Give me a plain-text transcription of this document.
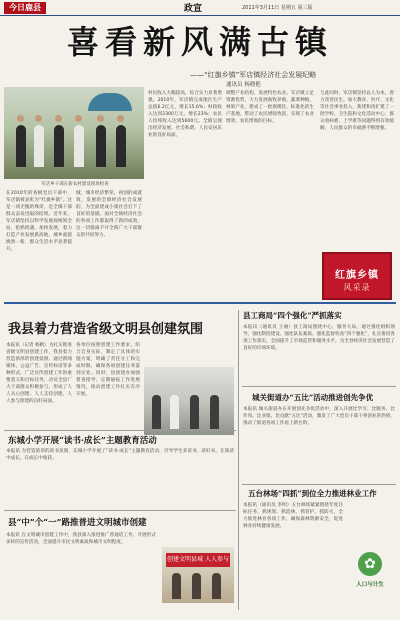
今日鹿县	政宣	2011年3月11日 星期五 第三版
喜看新风满古镇
——“红旗乡镇”军店镇经济社会发展纪略
通讯员 杨晓艳
军店乡干部在新农村建设现场检查
在2010年的各级党员干部中，军店镇被表彰为“红旗乡镇”。这是一项无愧的殊荣，是全镇干部群众奋发进取的结果。近年来，军店镇坚持以科学发展观统领全局，抢抓机遇，加快发展，着力打造产业发展新高地，城乡面貌焕然一新，群众生活水平显著提升。
城，城市经济繁荣，初创的成就效，发展的全镇经济社会发展的，为全面建成小康社会打下了良好的基础。面对全镇经济社会的各项工作都取得了新的成效，这一切都离不开全镇广大干部群众的共同努力。
村民收入大幅提高，综合实力显著增强。2010年，军店镇完成地区生产总值6.2亿元，增长15.6%；财政收入达到2300万元，增长23%；农民人均纯收入达到5600元。全镇呈现出经济发展、社会和谐、人民安居乐业的良好局面。
调整产业结构，发展特色农业。军店镇立足资源优势，大力发展畜牧养殖、蔬菜种植、林果产业，建成了一批规模化、标准化的生产基地，带动了农民增收致富，实现了农业增效、农民增收的目标。
与此同时，军店镇坚持以人为本，着力改善民生。加大教育、医疗、文化等社会事业投入，新建和改扩建了一批学校、卫生院和文化活动中心，群众看病难、上学难等问题得到有效缓解，人民群众的幸福感不断增强。
红旗乡镇
风采录
我县着力营造省级文明县创建氛围
本报讯（记者 杨帆）为扎实推进省级文明县创建工作，我县着力营造浓厚的创建氛围。通过新闻媒体、公益广告、宣传标语等多种形式，广泛宣传创建工作的重要意义和目标任务，动员全县广大干部群众积极参与，形成了人人关心创建、人人支持创建、人人参与创建的良好局面。
各单位按照创建工作要求，结合自身实际，制定了具体的实施方案，明确了责任分工和完成时限，确保各项创建任务落到实处。同时，县创建办加强督查指导，定期通报工作进展情况，推动创建工作扎实有序开展。
县工商局“四个强化”严抓落实
本报讯（通讯员 王丽）县工商局围绕中心，服务大局，通过强化组织领导、强化制度建设、强化队伍素质、强化监督检查“四个强化”，扎实推进各项工作落实，全面提升了市场监管和服务水平，为全县经济社会发展营造了良好的市场环境。
城关街道办“五比”活动推进创先争优
本报讯 城关街道办在开展创先争优活动中，深入开展比学习、比服务、比作风、比业绩、比贡献“五比”活动，激发了广大党员干部干事创业的热情，推动了街道各项工作再上新台阶。
五台林场“四抓”到位全力推进林业工作
本报讯（通讯员 李明）五台林场紧紧围绕年度目标任务，抓规划、抓造林、抓管护、抓防火，全力推进林业各项工作，确保森林资源安全，促进林业持续健康发展。
✿
人口与计生
东城小学开展“读书·成长”主题教育活动
本报讯 为营造浓厚的读书氛围，东城小学开展了“读书·成长”主题教育活动，引导学生多读书、读好书，在阅读中成长，在成长中收获。
县“中”个“一”路推普进文明城市创建
本报讯 在文明城市创建工作中，我县深入推进推广普通话工作，开展形式多样的宣传活动，全面提升市民文明素质和城市文明程度。
创建文明县城 人人参与
